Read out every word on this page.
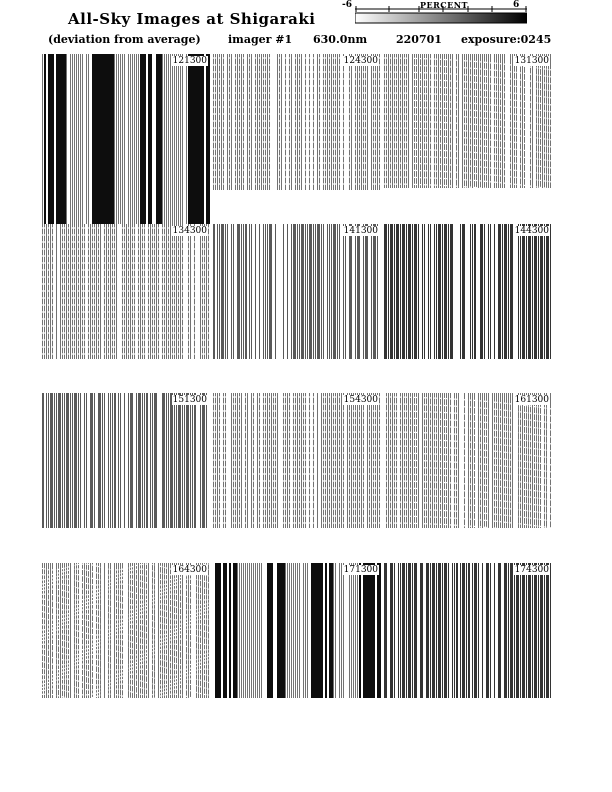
All-Sky Images at Shigaraki
(deviation from average) imager #1 630.0nm	220701 exposure:0245
-6	6
PERCENT
121300	124300	131300
134300	141300	144300
151300	154300	161300
164300	171300	174300
